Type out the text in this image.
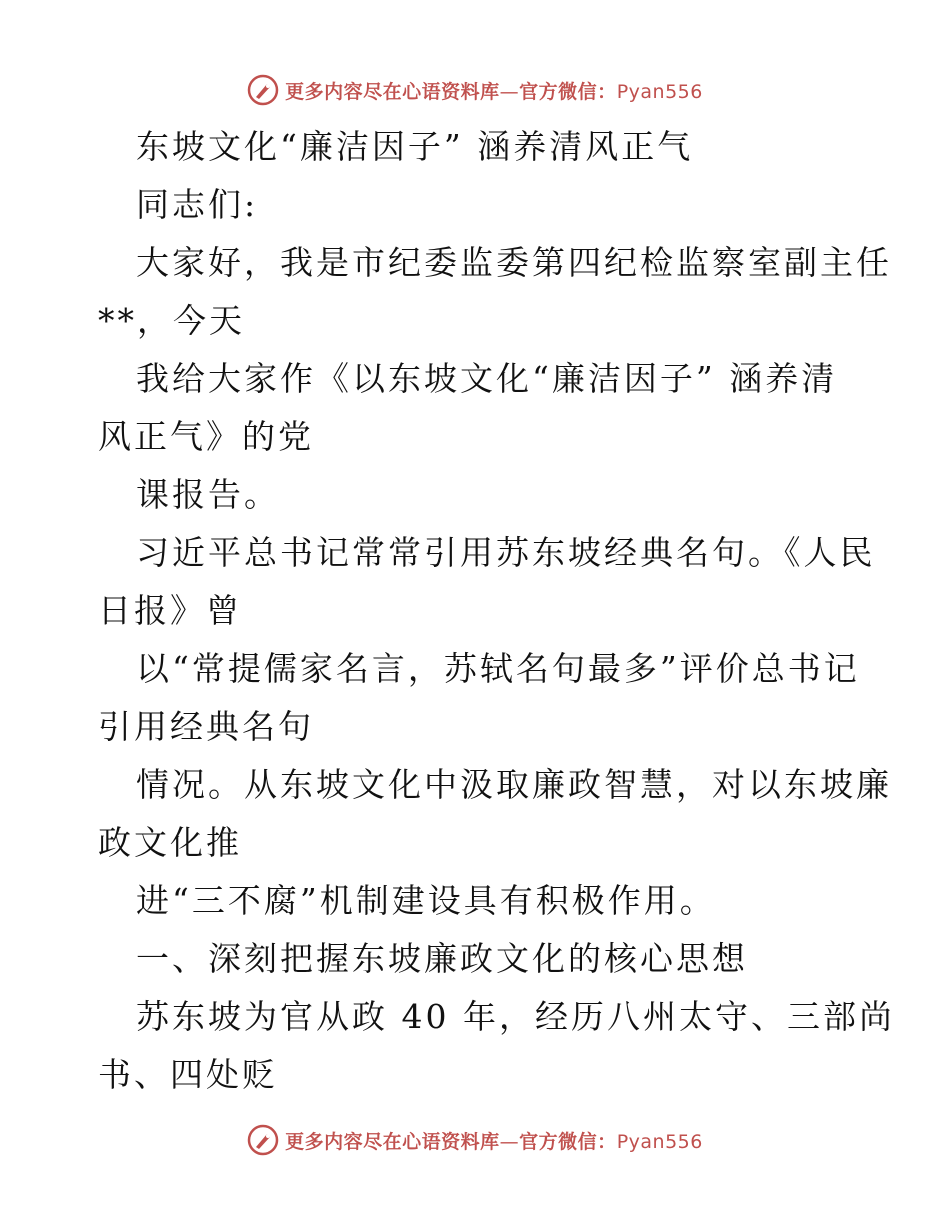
更多内容尽在心语资料库—官方微信：Pyan556

东坡文化“廉洁因子” 涵养清风正气

同志们:

大家好，我是市纪委监委第四纪检监察室副主任

**，今天

我给大家作《以东坡文化“廉洁因子” 涵养清

风正气》的党

课报告。

习近平总书记常常引用苏东坡经典名句。《人民

日报》曾

以“常提儒家名言，苏轼名句最多”评价总书记

引用经典名句

情况。从东坡文化中汲取廉政智慧，对以东坡廉

政文化推

进“三不腐”机制建设具有积极作用。

一、深刻把握东坡廉政文化的核心思想

苏东坡为官从政 40 年，经历八州太守、三部尚

书、四处贬

更多内容尽在心语资料库—官方微信：Pyan556
